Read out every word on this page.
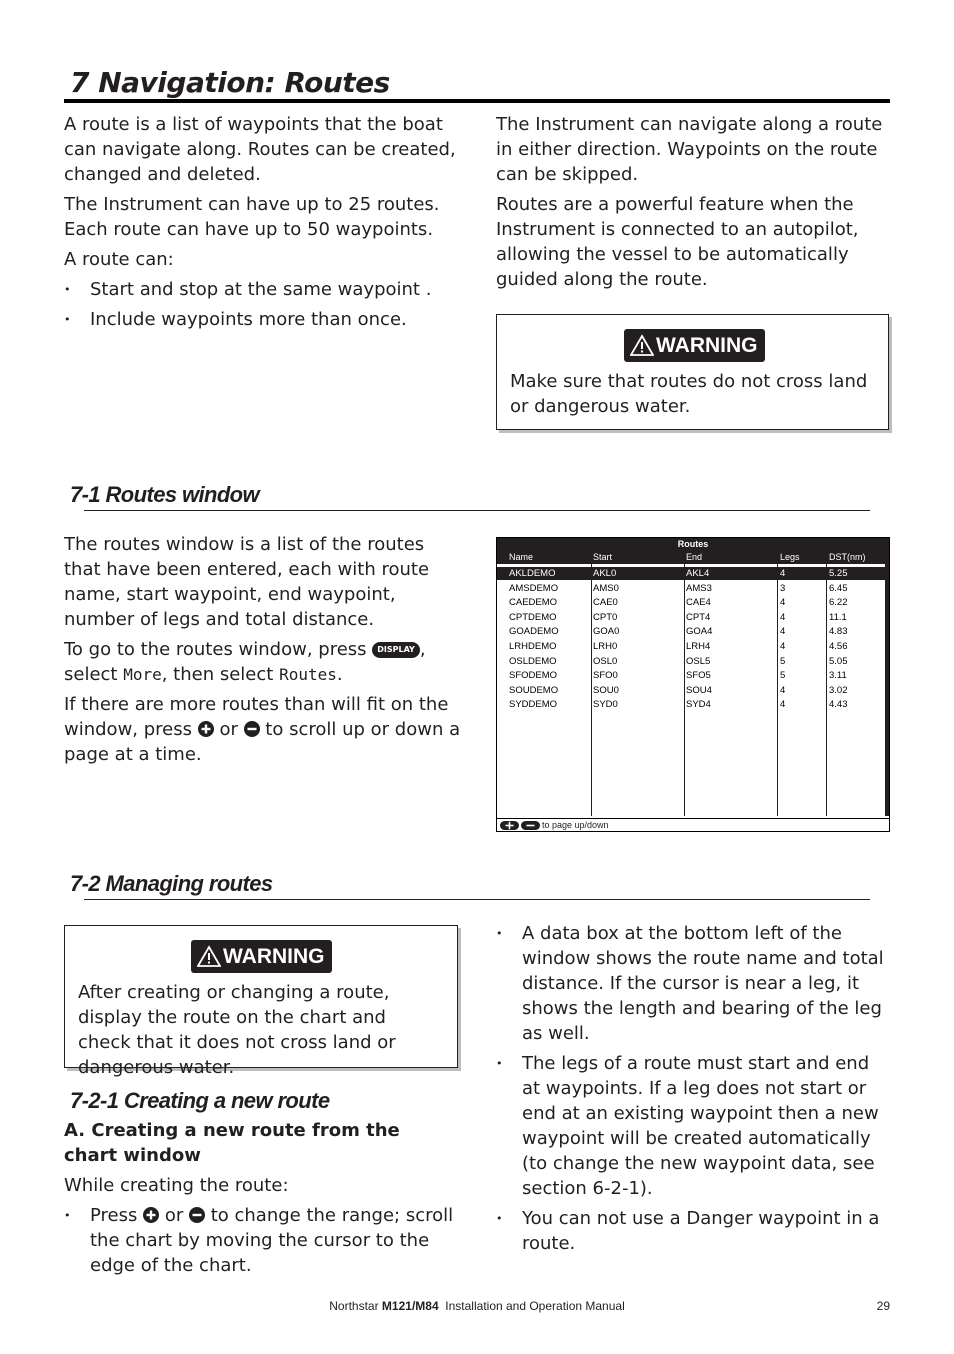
7 Navigation: Routes

A route is a list of waypoints that the boat can navigate along. Routes can be created, changed and deleted.

The Instrument can have up to 25 routes. Each route can have up to 50 waypoints.

A route can:

• Start and stop at the same waypoint .
• Include waypoints more than once.

The Instrument can navigate along a route in either direction. Waypoints on the route can be skipped.

Routes are a powerful feature when the Instrument is connected to an autopilot, allowing the vessel to be automatically guided along the route.

WARNING

Make sure that routes do not cross land or dangerous water.

7-1 Routes window

The routes window is a list of the routes that have been entered, each with route name, start waypoint, end waypoint, number of legs and total distance.

To go to the routes window, press DISPLAY , select More, then select Routes.

If there are more routes than will fit on the window, press  or  to scroll up or down a page at a time.

Routes
Name	Start	End	Legs	DST(nm)
AKLDEMO	AKL0	AKL4	4	5.25
AMSDEMO	AMS0	AMS3	3	6.45
CAEDEMO	CAE0	CAE4	4	6.22
CPTDEMO	CPT0	CPT4	4	11.1
GOADEMO	GOA0	GOA4	4	4.83
LRHDEMO	LRH0	LRH4	4	4.56
OSLDEMO	OSL0	OSL5	5	5.05
SFODEMO	SFO0	SFO5	5	3.11
SOUDEMO	SOU0	SOU4	4	3.02
SYDDEMO	SYD0	SYD4	4	4.43
to page up/down
7-2 Managing routes
WARNING

After creating or changing a route, display the route on the chart and check that it does not cross land or dangerous water.

7-2-1 Creating a new route

A. Creating a new route from the chart window

While creating the route:

• Press  or  to change the range; scroll the chart by moving the cursor to the edge of the chart.
• A data box at the bottom left of the window shows the route name and total distance. If the cursor is near a leg, it shows the length and bearing of the leg as well.
• The legs of a route must start and end at waypoints. If a leg does not start or end at an existing waypoint then a new waypoint will be created automatically (to change the new waypoint data, see section 6-2-1).
• You can not use a Danger waypoint in a route.
Northstar M121/M84  Installation and Operation Manual	29
